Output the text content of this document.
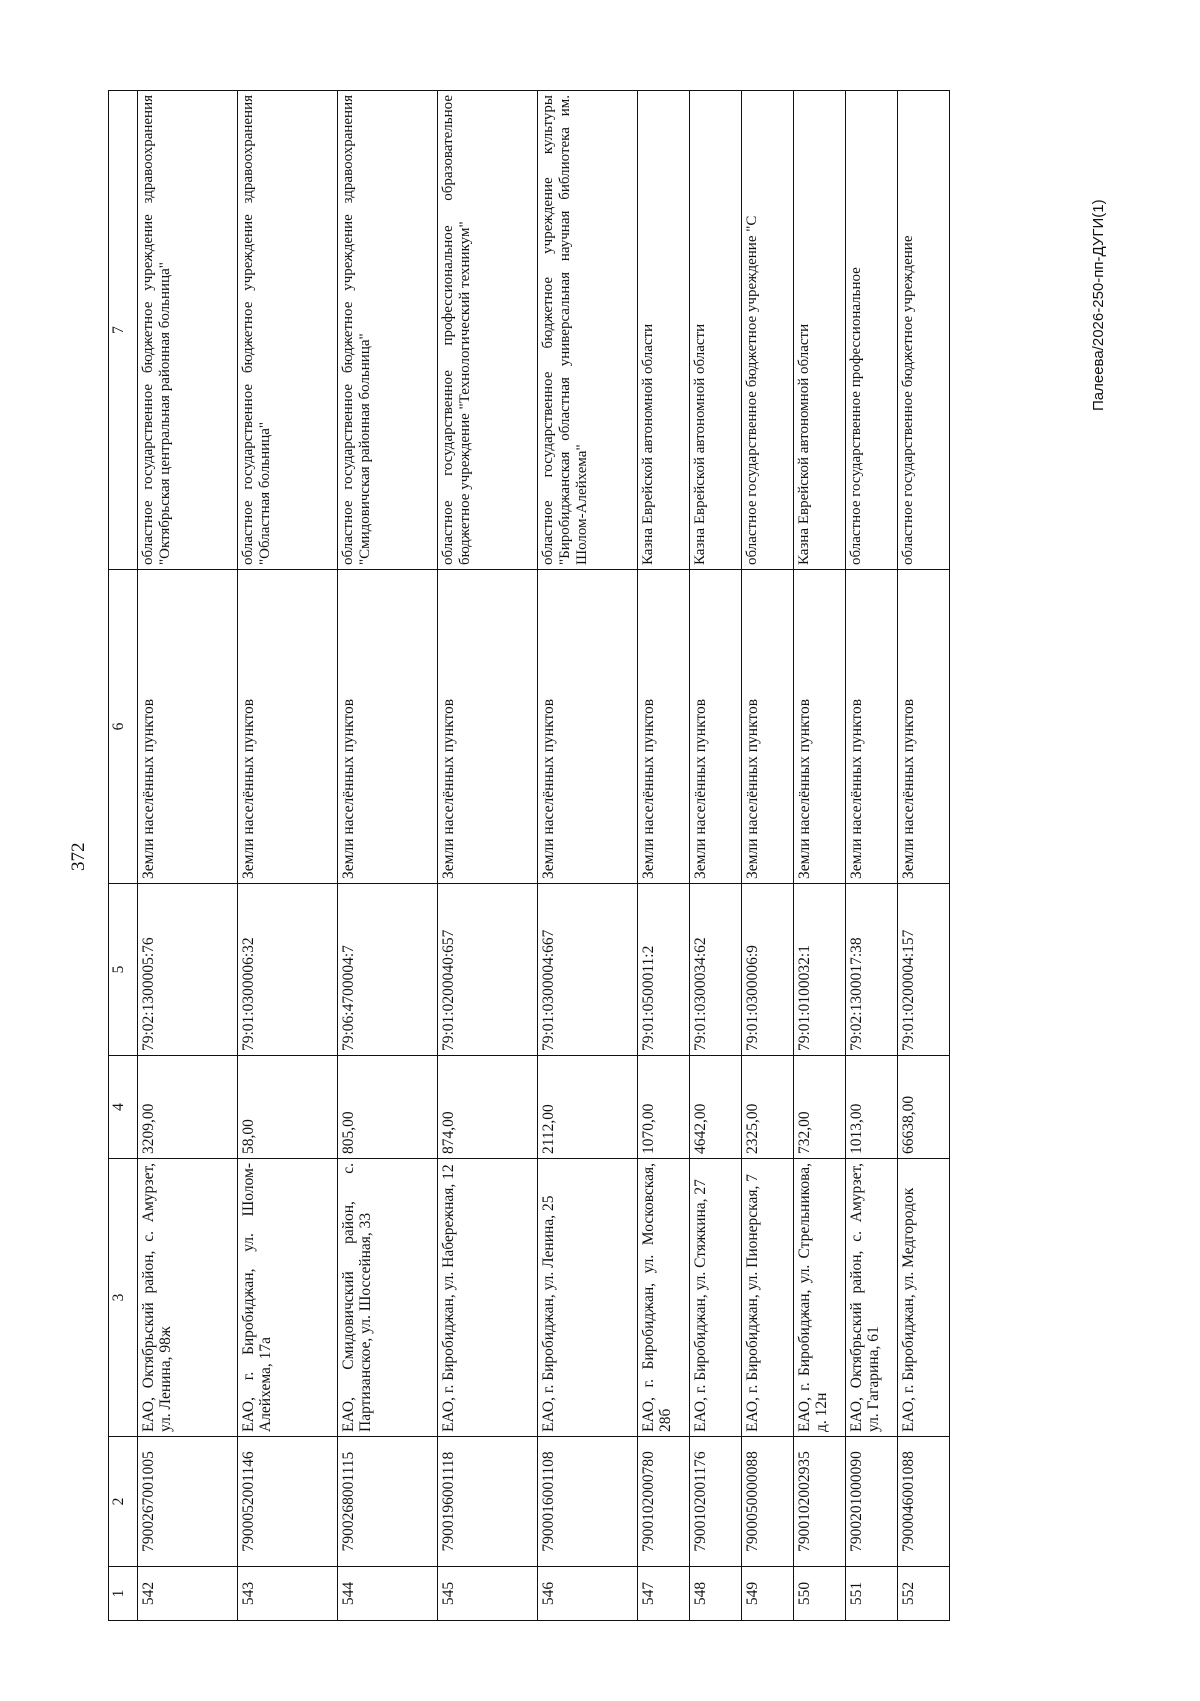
372
1	2	3	4	5	6	7
542	7900267001005	ЕАО, Октябрьский район, с. Амурзет, ул. Ленина, 98ж	3209,00	79:02:1300005:76	Земли населённых пунктов	областное государственное бюджетное учреждение здравоохранения "Октябрьская центральная районная больница"
543	7900052001146	ЕАО, г. Биробиджан, ул. Шолом-Алейхема, 17а	58,00	79:01:0300006:32	Земли населённых пунктов	областное государственное бюджетное учреждение здравоохранения "Областная больница"
544	7900268001115	ЕАО, Смидовичский район, с. Партизанское, ул. Шоссейная, 33	805,00	79:06:4700004:7	Земли населённых пунктов	областное государственное бюджетное учреждение здравоохранения "Смидовичская районная больница"
545	7900196001118	ЕАО, г. Биробиджан, ул. Набережная, 12	874,00	79:01:0200040:657	Земли населённых пунктов	областное государственное профессиональное образовательное бюджетное учреждение "Технологический техникум"
546	7900016001108	ЕАО, г. Биробиджан, ул. Ленина, 25	2112,00	79:01:0300004:667	Земли населённых пунктов	областное государственное бюджетное учреждение культуры "Биробиджанская областная универсальная научная библиотека им. Шолом-Алейхема"
547	7900102000780	ЕАО, г. Биробиджан, ул. Московская, 28б	1070,00	79:01:0500011:2	Земли населённых пунктов	Казна Еврейской автономной области
548	7900102001176	ЕАО, г. Биробиджан, ул. Стяжкина, 27	4642,00	79:01:0300034:62	Земли населённых пунктов	Казна Еврейской автономной области
549	7900050000088	ЕАО, г. Биробиджан, ул. Пионерская, 7	2325,00	79:01:0300006:9	Земли населённых пунктов	областное государственное бюджетное учреждение "С
550	7900102002935	ЕАО, г. Биробиджан, ул. Стрельникова, д. 12н	732,00	79:01:0100032:1	Земли населённых пунктов	Казна Еврейской автономной области
551	7900201000090	ЕАО, Октябрьский район, с. Амурзет, ул. Гагарина, 61	1013,00	79:02:1300017:38	Земли населённых пунктов	областное государственное профессиональное
552	7900046001088	ЕАО, г. Биробиджан, ул. Медгородок	66638,00	79:01:0200004:157	Земли населённых пунктов	областное государственное бюджетное учреждение	Палеева/2026-250-пп-ДУГИ(1)
